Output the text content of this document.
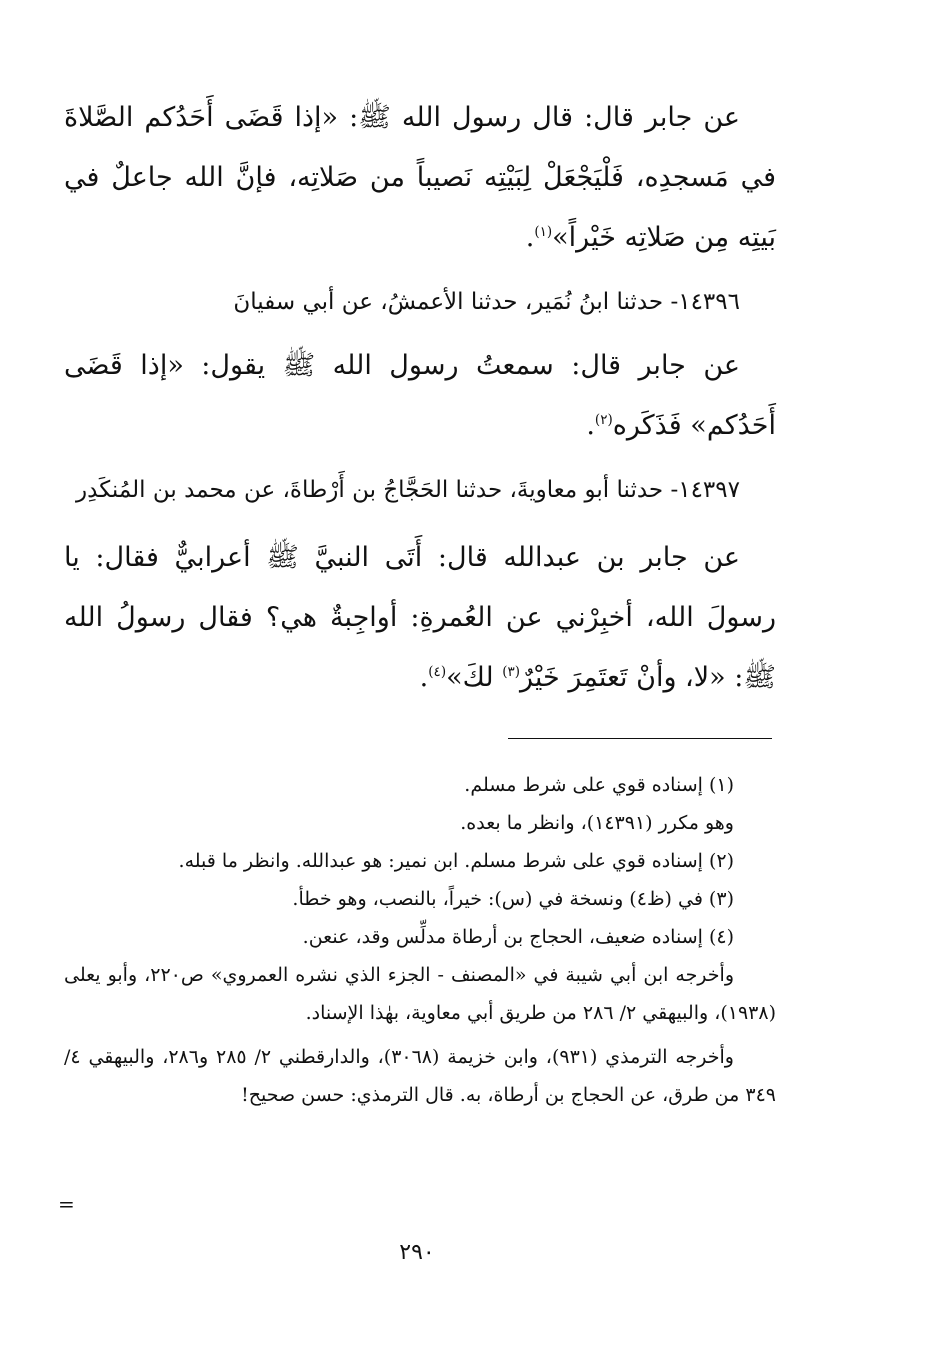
عن جابر قال: قال رسول الله ﷺ: «إذا قَضَى أَحَدُكم الصَّلاةَ في مَسجدِه، فَلْيَجْعَلْ لِبَيْتِه نَصيباً من صَلاتِه، فإنَّ الله جاعلٌ في بَيتِه مِن صَلاتِه خَيْراً»$^{(١)}$.

١٤٣٩٦- حدثنا ابنُ نُمَير، حدثنا الأعمشُ، عن أبي سفيانَ

عن جابر قال: سمعتُ رسول الله ﷺ يقول: «إذا قَضَى أَحَدُكم» فَذَكَره$^{(٢)}$.

١٤٣٩٧- حدثنا أبو معاويةَ، حدثنا الحَجَّاجُ بن أَرْطاةَ، عن محمد بن المُنكَدِر

عن جابر بن عبدالله قال: أَتَى النبيَّ ﷺ أعرابيٌّ فقال: يا رسولَ الله، أخبِرْني عن العُمرةِ: أواجِبةٌ هي؟ فقال رسولُ الله ﷺ: «لا، وأنْ تَعتَمِرَ خَيْرٌ$^{(٣)}$ لكَ»$^{(٤)}$.

(١) إسناده قوي على شرط مسلم.

وهو مكرر (١٤٣٩١)، وانظر ما بعده.

(٢) إسناده قوي على شرط مسلم. ابن نمير: هو عبدالله. وانظر ما قبله.

(٣) في (ظ٤) ونسخة في (س): خيراً، بالنصب، وهو خطأ.

(٤) إسناده ضعيف، الحجاج بن أرطاة مدلِّس وقد، عنعن.

وأخرجه ابن أبي شيبة في «المصنف - الجزء الذي نشره العمروي» ص٢٢٠، وأبو يعلى (١٩٣٨)، والبيهقي ٢/ ٢٨٦ من طريق أبي معاوية، بهٰذا الإسناد.

وأخرجه الترمذي (٩٣١)، وابن خزيمة (٣٠٦٨)، والدارقطني ٢/ ٢٨٥ و٢٨٦، والبيهقي ٤/ ٣٤٩ من طرق، عن الحجاج بن أرطاة، به. قال الترمذي: حسن صحيح!

=
٢٩٠
